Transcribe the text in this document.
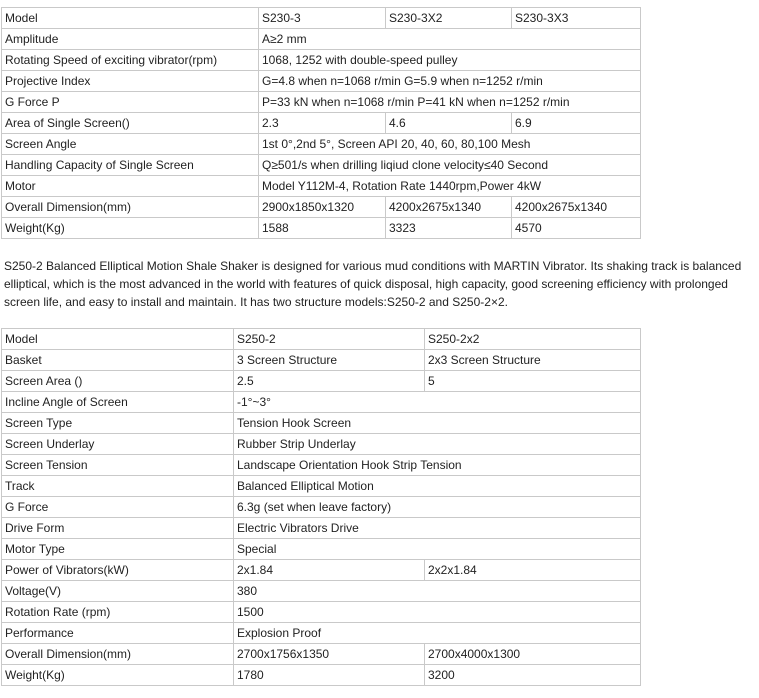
Model	S230-3	S230-3X2	S230-3X3
Amplitude	A≥2 mm		
Rotating Speed of exciting vibrator(rpm)	1068, 1252 with double-speed pulley		
Projective Index	G=4.8 when n=1068 r/min G=5.9 when n=1252 r/min		
G Force P	P=33 kN when n=1068 r/min P=41 kN when n=1252 r/min		
Area of Single Screen()	2.3	4.6	6.9
Screen Angle	1st 0°,2nd 5°, Screen API 20, 40, 60, 80,100 Mesh		
Handling Capacity of Single Screen	Q≥501/s when drilling liqiud clone velocity≤40 Second		
Motor	Model Y112M-4, Rotation Rate 1440rpm,Power 4kW		
Overall Dimension(mm)	2900x1850x1320	4200x2675x1340	4200x2675x1340
Weight(Kg)	1588	3323	4570

S250-2 Balanced Elliptical Motion Shale Shaker is designed for various mud conditions with MARTIN Vibrator. Its shaking track is balanced elliptical, which is the most advanced in the world with features of quick disposal, high capacity, good screening efficiency with prolonged screen life, and easy to install and maintain. It has two structure models:S250-2 and S250-2×2.

Model	S250-2	S250-2x2
Basket	3 Screen Structure	2x3 Screen Structure
Screen Area ()	2.5	5
Incline Angle of Screen	-1°~3°	
Screen Type	Tension Hook Screen	
Screen Underlay	Rubber Strip Underlay	
Screen Tension	Landscape Orientation Hook Strip Tension	
Track	Balanced Elliptical Motion	
G Force	6.3g (set when leave factory)	
Drive Form	Electric Vibrators Drive	
Motor Type	Special	
Power of Vibrators(kW)	2x1.84	2x2x1.84
Voltage(V)	380	
Rotation Rate (rpm)	1500	
Performance	Explosion Proof	
Overall Dimension(mm)	2700x1756x1350	2700x4000x1300
Weight(Kg)	1780	3200
